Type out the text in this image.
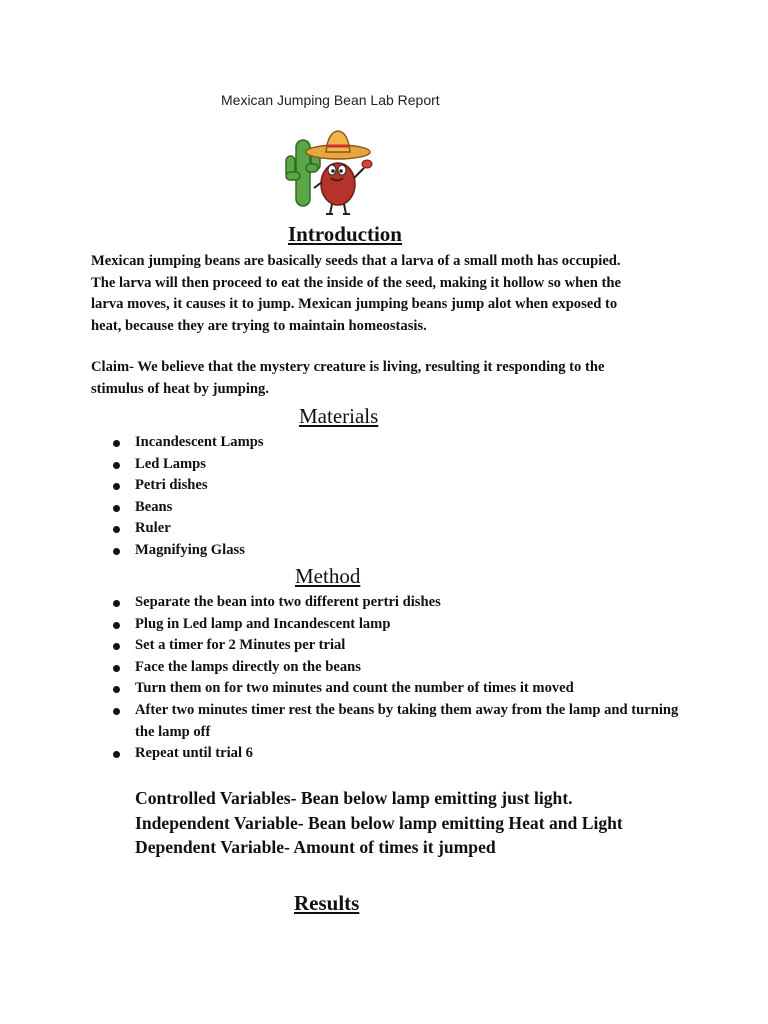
Mexican Jumping Bean Lab Report
Introduction
Mexican jumping beans are basically seeds that a larva of a small moth has occupied.
The larva will then proceed to eat the inside of the seed, making it hollow so when the
larva moves, it causes it to jump. Mexican jumping beans jump alot when exposed to
heat, because they are trying to maintain homeostasis.
Claim- We believe that the mystery creature is living, resulting it responding to the
stimulus of heat by jumping.
Materials
Incandescent Lamps
Led Lamps
Petri dishes
Beans
Ruler
Magnifying Glass
Method
Separate the bean into two different pertri dishes
Plug in Led lamp and Incandescent lamp
Set a timer for 2 Minutes per trial
Face the lamps directly on the beans
Turn them on for two minutes and count the number of times it moved
After two minutes timer rest the beans by taking them away from the lamp and turning the lamp off
Repeat until trial 6
Controlled Variables- Bean below lamp emitting just light.
Independent Variable- Bean below lamp emitting Heat and Light
Dependent Variable- Amount of times it jumped
Results
